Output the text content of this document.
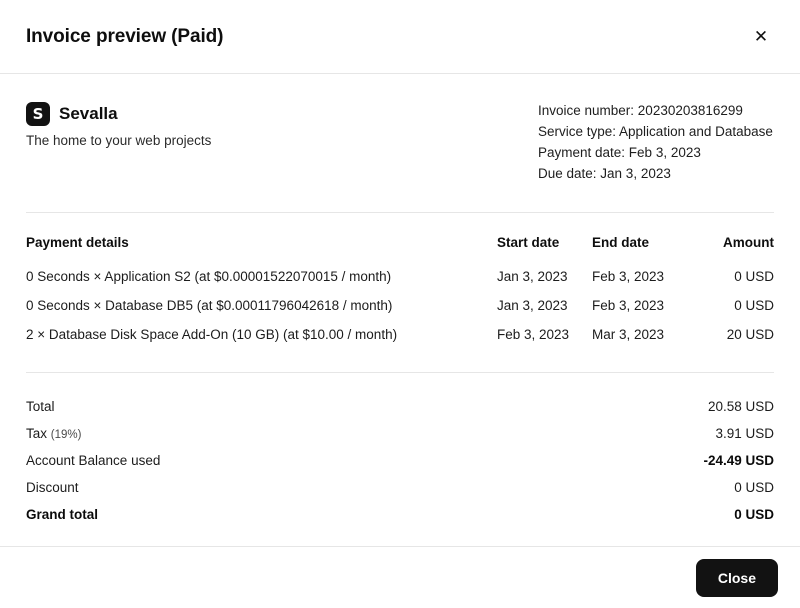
Invoice preview (Paid)	✕
S Sevalla
The home to your web projects
Invoice number: 20230203816299
Service type: Application and Database
Payment date: Feb 3, 2023
Due date: Jan 3, 2023
Payment details	Start date	End date	Amount
0 Seconds × Application S2 (at $0.00001522070015 / month)	Jan 3, 2023	Feb 3, 2023	0 USD
0 Seconds × Database DB5 (at $0.00011796042618 / month)	Jan 3, 2023	Feb 3, 2023	0 USD
2 × Database Disk Space Add-On (10 GB) (at $10.00 / month)	Feb 3, 2023	Mar 3, 2023	20 USD
Total	20.58 USD
Tax (19%)	3.91 USD
Account Balance used	-24.49 USD
Discount	0 USD
Grand total	0 USD
Close
